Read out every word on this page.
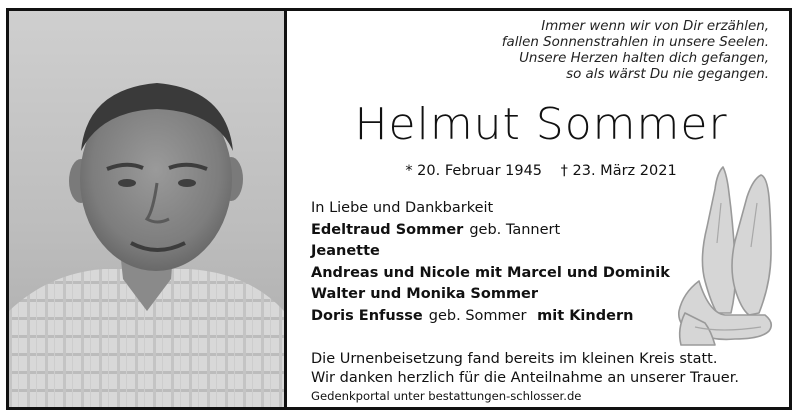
Immer wenn wir von Dir erzählen,
fallen Sonnenstrahlen in unsere Seelen.
Unsere Herzen halten dich gefangen,
so als wärst Du nie gegangen.
Helmut Sommer
* 20. Februar 1945 † 23. März 2021
In Liebe und Dankbarkeit
Edeltraud Sommer geb. Tannert
Jeanette
Andreas und Nicole mit Marcel und Dominik
Walter und Monika Sommer
Doris Enfusse geb. Sommer mit Kindern
Die Urnenbeisetzung fand bereits im kleinen Kreis statt.
Wir danken herzlich für die Anteilnahme an unserer Trauer.
Gedenkportal unter bestattungen-schlosser.de
